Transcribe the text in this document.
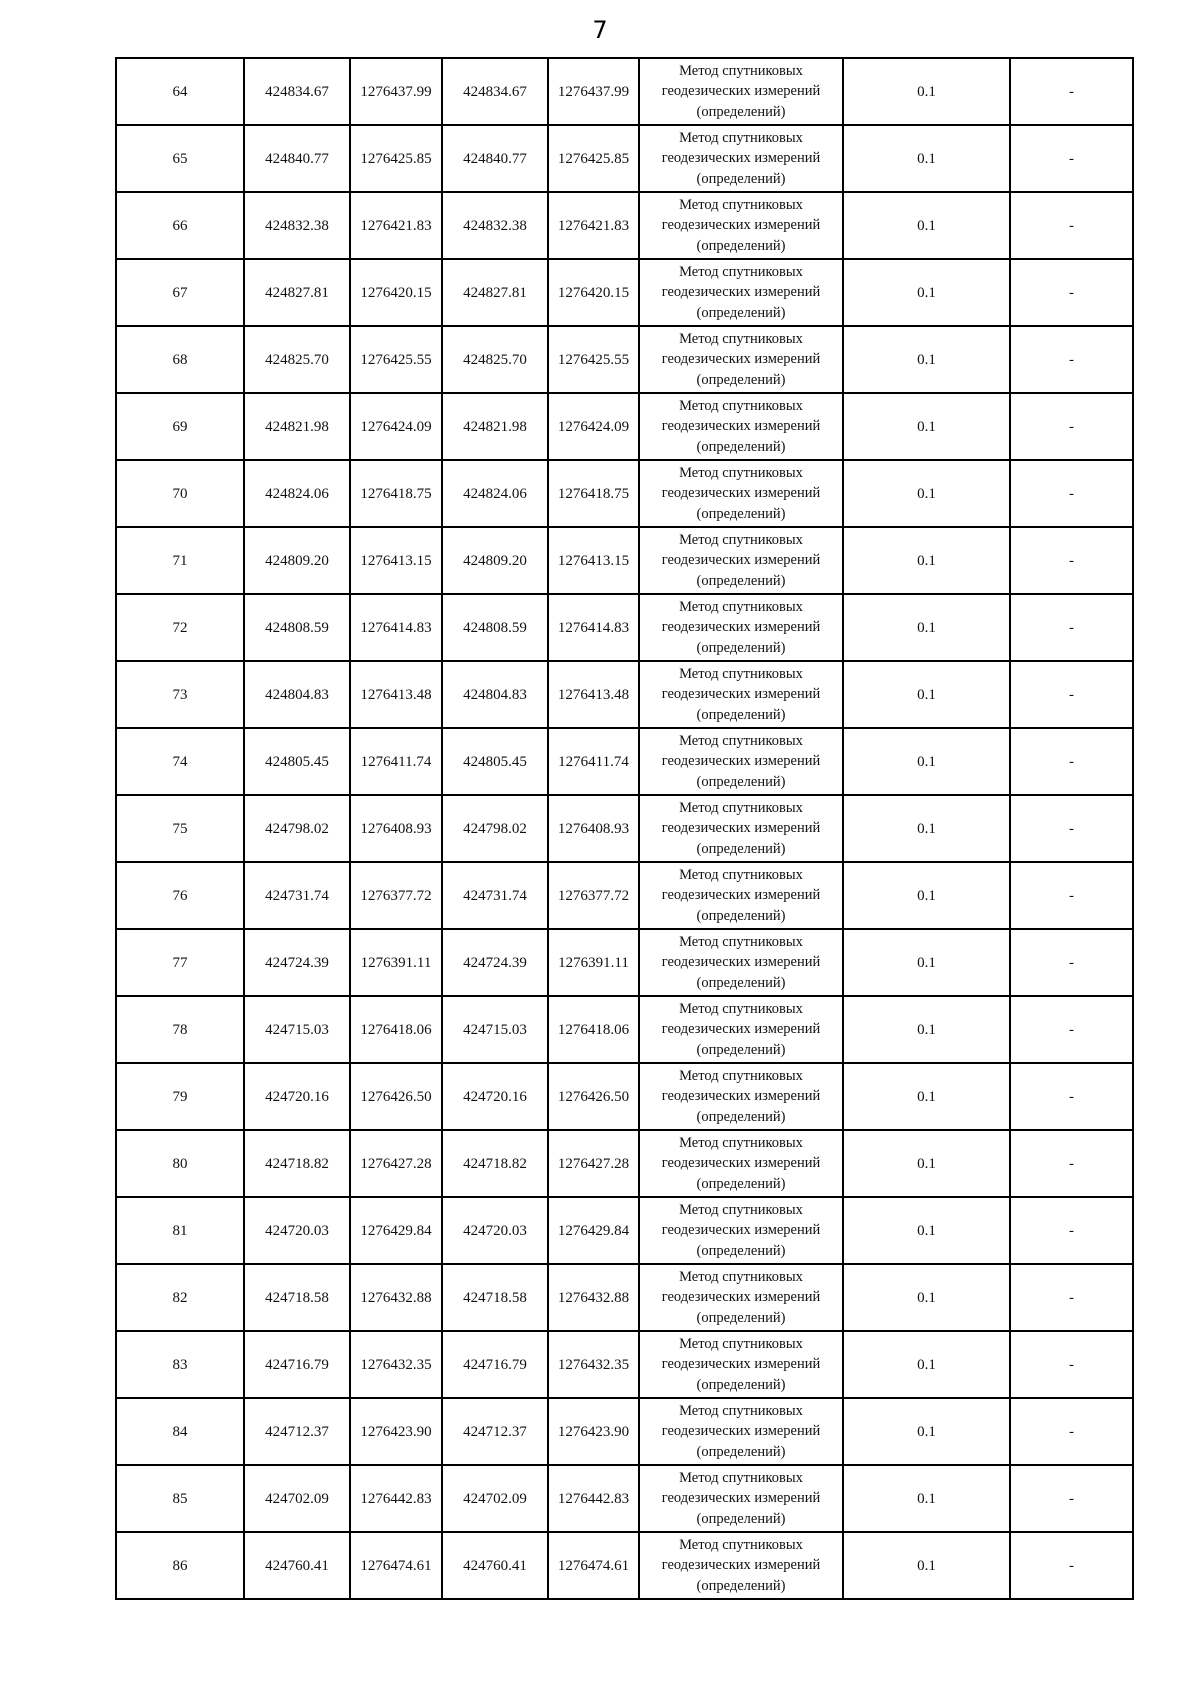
7
64	424834.67	1276437.99	424834.67	1276437.99	Метод спутниковых геодезических измерений (определений)	0.1	-
65	424840.77	1276425.85	424840.77	1276425.85	Метод спутниковых геодезических измерений (определений)	0.1	-
66	424832.38	1276421.83	424832.38	1276421.83	Метод спутниковых геодезических измерений (определений)	0.1	-
67	424827.81	1276420.15	424827.81	1276420.15	Метод спутниковых геодезических измерений (определений)	0.1	-
68	424825.70	1276425.55	424825.70	1276425.55	Метод спутниковых геодезических измерений (определений)	0.1	-
69	424821.98	1276424.09	424821.98	1276424.09	Метод спутниковых геодезических измерений (определений)	0.1	-
70	424824.06	1276418.75	424824.06	1276418.75	Метод спутниковых геодезических измерений (определений)	0.1	-
71	424809.20	1276413.15	424809.20	1276413.15	Метод спутниковых геодезических измерений (определений)	0.1	-
72	424808.59	1276414.83	424808.59	1276414.83	Метод спутниковых геодезических измерений (определений)	0.1	-
73	424804.83	1276413.48	424804.83	1276413.48	Метод спутниковых геодезических измерений (определений)	0.1	-
74	424805.45	1276411.74	424805.45	1276411.74	Метод спутниковых геодезических измерений (определений)	0.1	-
75	424798.02	1276408.93	424798.02	1276408.93	Метод спутниковых геодезических измерений (определений)	0.1	-
76	424731.74	1276377.72	424731.74	1276377.72	Метод спутниковых геодезических измерений (определений)	0.1	-
77	424724.39	1276391.11	424724.39	1276391.11	Метод спутниковых геодезических измерений (определений)	0.1	-
78	424715.03	1276418.06	424715.03	1276418.06	Метод спутниковых геодезических измерений (определений)	0.1	-
79	424720.16	1276426.50	424720.16	1276426.50	Метод спутниковых геодезических измерений (определений)	0.1	-
80	424718.82	1276427.28	424718.82	1276427.28	Метод спутниковых геодезических измерений (определений)	0.1	-
81	424720.03	1276429.84	424720.03	1276429.84	Метод спутниковых геодезических измерений (определений)	0.1	-
82	424718.58	1276432.88	424718.58	1276432.88	Метод спутниковых геодезических измерений (определений)	0.1	-
83	424716.79	1276432.35	424716.79	1276432.35	Метод спутниковых геодезических измерений (определений)	0.1	-
84	424712.37	1276423.90	424712.37	1276423.90	Метод спутниковых геодезических измерений (определений)	0.1	-
85	424702.09	1276442.83	424702.09	1276442.83	Метод спутниковых геодезических измерений (определений)	0.1	-
86	424760.41	1276474.61	424760.41	1276474.61	Метод спутниковых геодезических измерений (определений)	0.1	-
